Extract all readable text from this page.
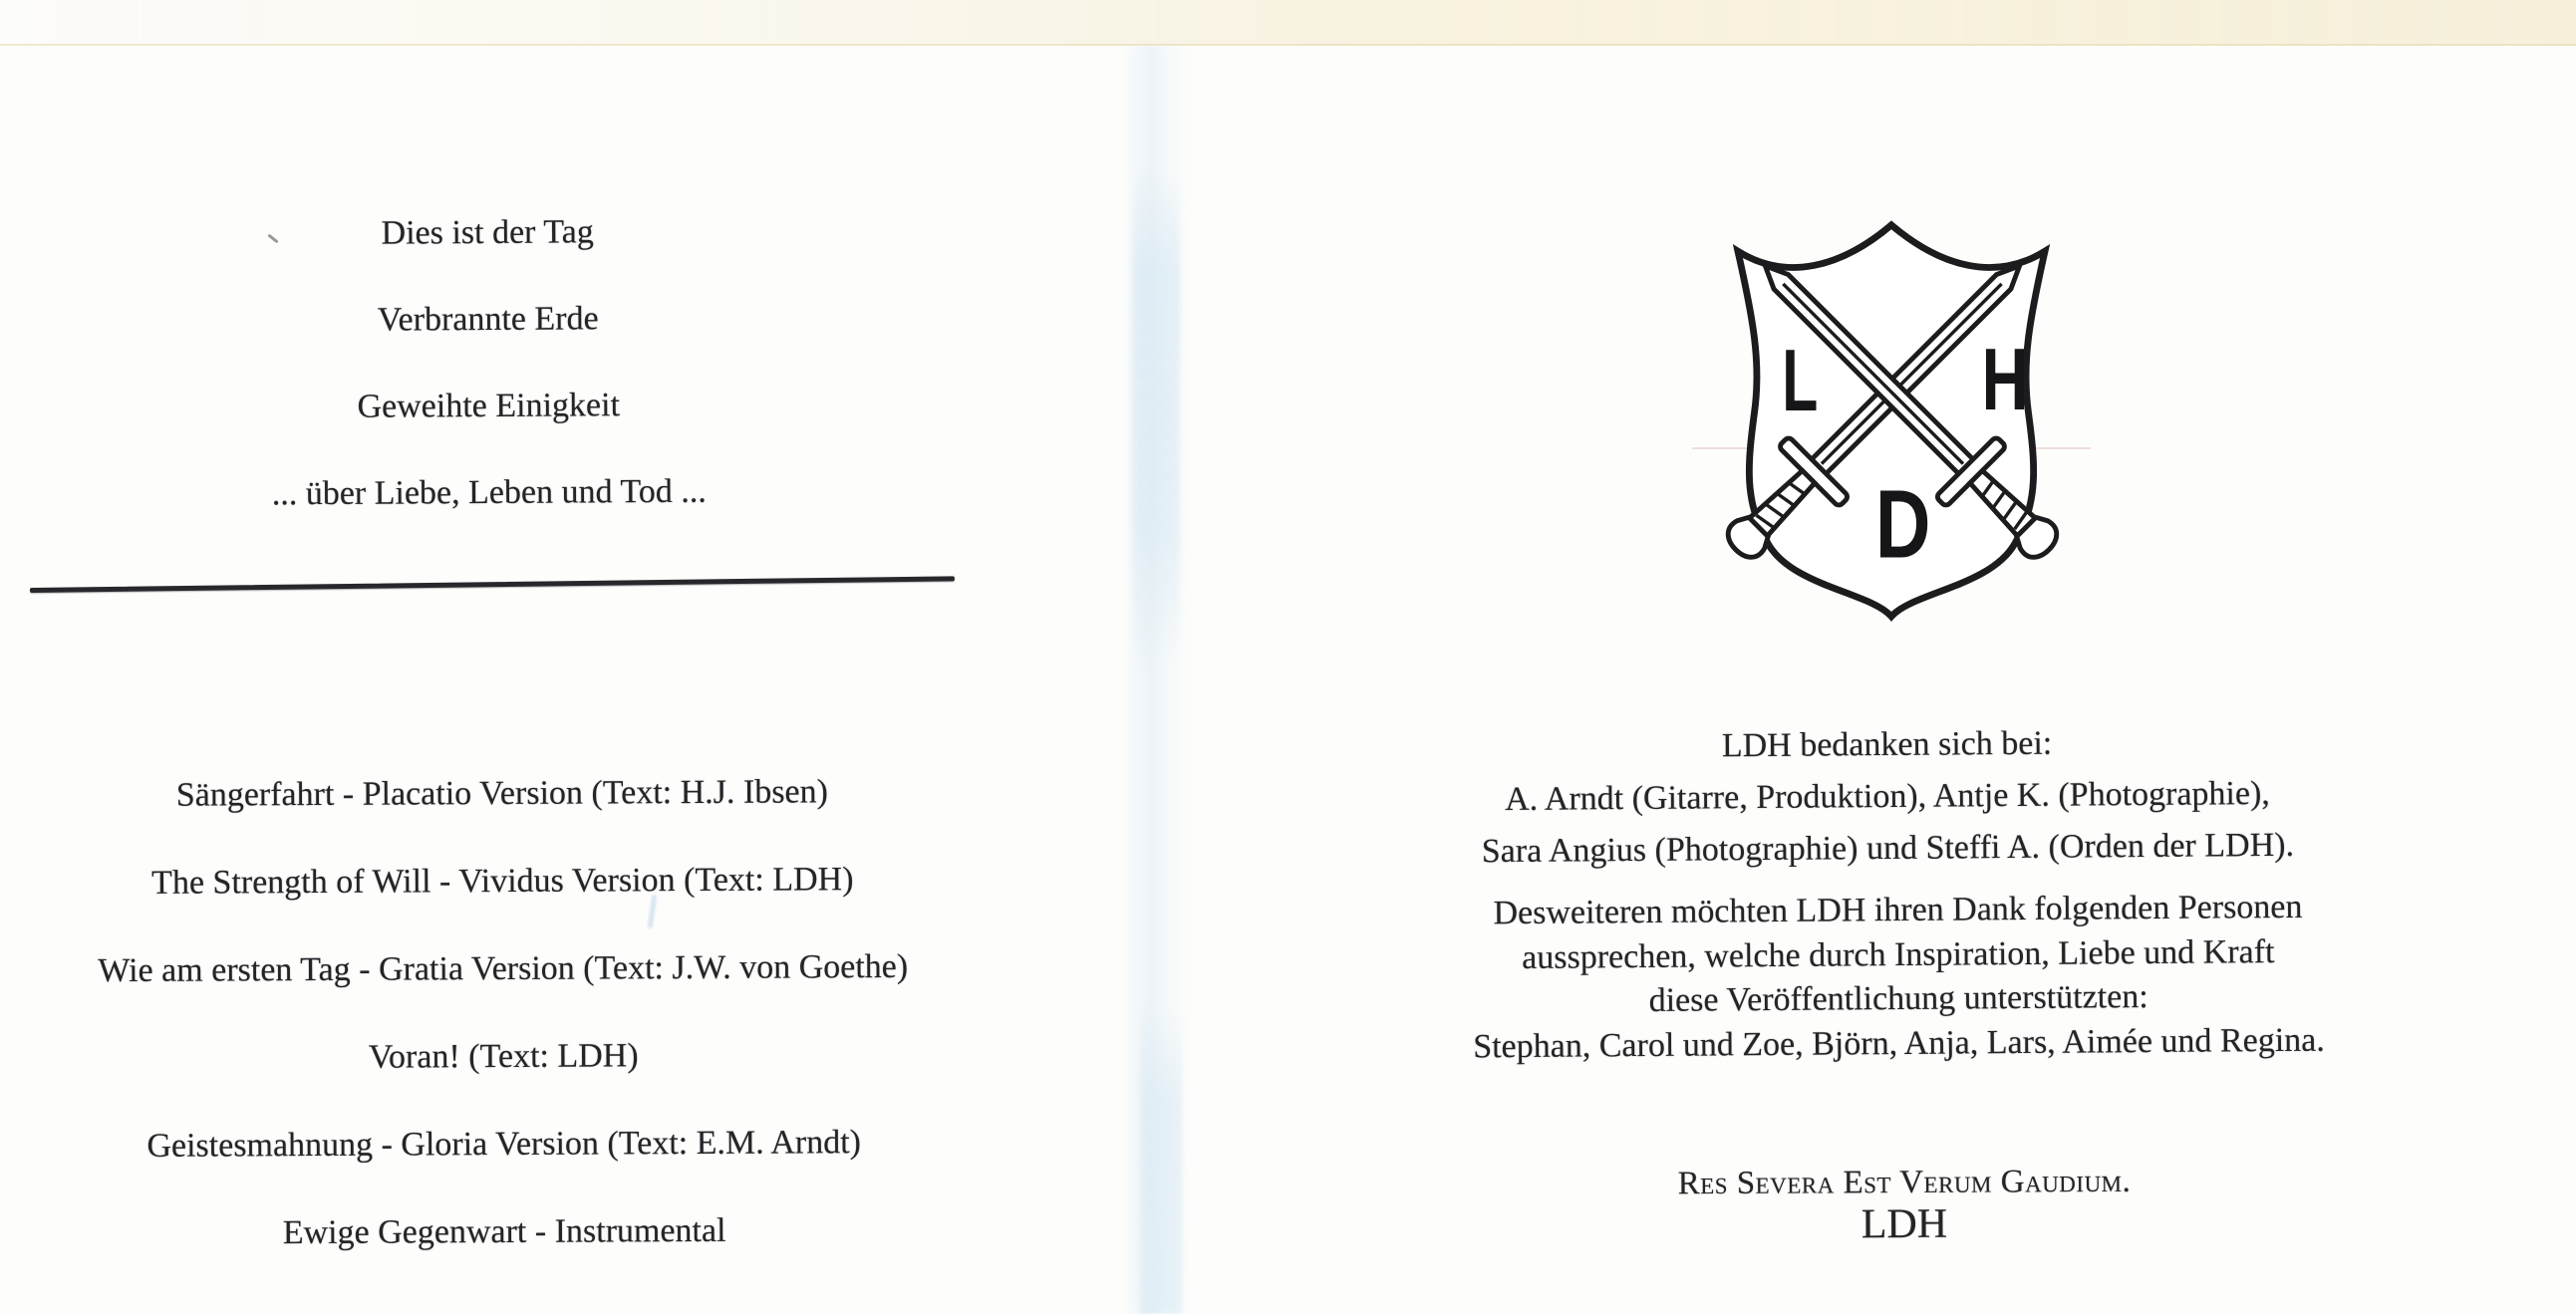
Dies ist der Tag
Verbrannte Erde
Geweihte Einigkeit
... über Liebe, Leben und Tod ...
Sängerfahrt - Placatio Version (Text: H.J. Ibsen)
The Strength of Will - Vividus Version (Text: LDH)
Wie am ersten Tag - Gratia Version (Text: J.W. von Goethe)
Voran! (Text: LDH)
Geistesmahnung - Gloria Version (Text: E.M. Arndt)
Ewige Gegenwart - Instrumental
L H
D
LDH bedanken sich bei:
A. Arndt (Gitarre, Produktion), Antje K. (Photographie),
Sara Angius (Photographie) und Steffi A. (Orden der LDH).
Desweiteren möchten LDH ihren Dank folgenden Personen
aussprechen, welche durch Inspiration, Liebe und Kraft
diese Veröffentlichung unterstützten:
Stephan, Carol und Zoe, Björn, Anja, Lars, Aimée und Regina.
Res Severa Est Verum Gaudium.
LDH
